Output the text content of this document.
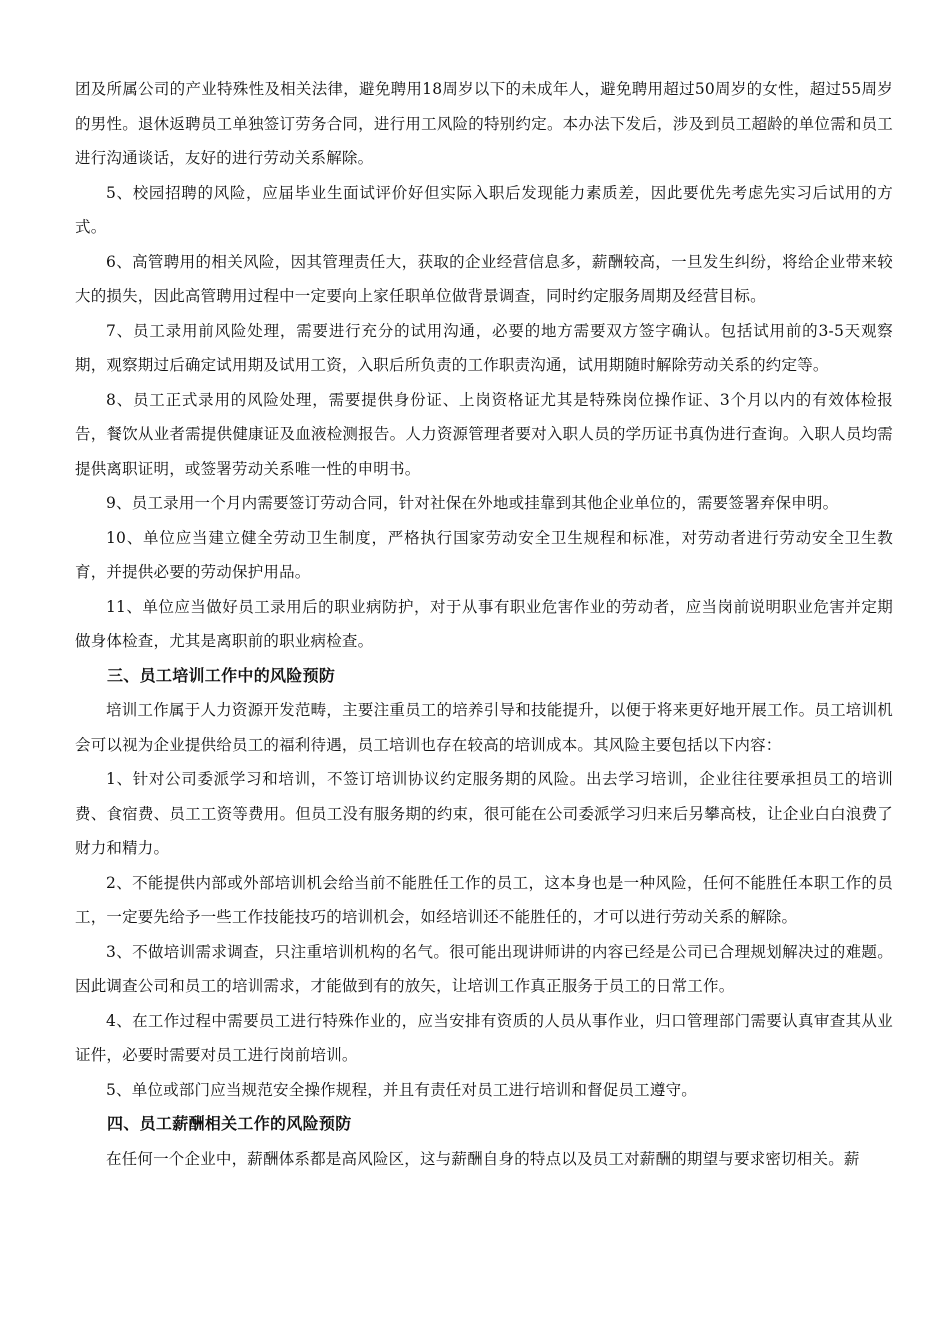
团及所属公司的产业特殊性及相关法律，避免聘用18周岁以下的未成年人，避免聘用超过50周岁的女性，超过55周岁的男性。退休返聘员工单独签订劳务合同，进行用工风险的特别约定。本办法下发后，涉及到员工超龄的单位需和员工进行沟通谈话，友好的进行劳动关系解除。

5、校园招聘的风险，应届毕业生面试评价好但实际入职后发现能力素质差，因此要优先考虑先实习后试用的方式。

6、高管聘用的相关风险，因其管理责任大，获取的企业经营信息多，薪酬较高，一旦发生纠纷，将给企业带来较大的损失，因此高管聘用过程中一定要向上家任职单位做背景调查，同时约定服务周期及经营目标。

7、员工录用前风险处理，需要进行充分的试用沟通，必要的地方需要双方签字确认。包括试用前的3-5天观察期，观察期过后确定试用期及试用工资，入职后所负责的工作职责沟通，试用期随时解除劳动关系的约定等。

8、员工正式录用的风险处理，需要提供身份证、上岗资格证尤其是特殊岗位操作证、3个月以内的有效体检报告，餐饮从业者需提供健康证及血液检测报告。人力资源管理者要对入职人员的学历证书真伪进行查询。入职人员均需提供离职证明，或签署劳动关系唯一性的申明书。

9、员工录用一个月内需要签订劳动合同，针对社保在外地或挂靠到其他企业单位的，需要签署弃保申明。

10、单位应当建立健全劳动卫生制度，严格执行国家劳动安全卫生规程和标准，对劳动者进行劳动安全卫生教育，并提供必要的劳动保护用品。

11、单位应当做好员工录用后的职业病防护，对于从事有职业危害作业的劳动者，应当岗前说明职业危害并定期做身体检查，尤其是离职前的职业病检查。

三、员工培训工作中的风险预防

培训工作属于人力资源开发范畴，主要注重员工的培养引导和技能提升，以便于将来更好地开展工作。员工培训机会可以视为企业提供给员工的福利待遇，员工培训也存在较高的培训成本。其风险主要包括以下内容：

1、针对公司委派学习和培训，不签订培训协议约定服务期的风险。出去学习培训，企业往往要承担员工的培训费、食宿费、员工工资等费用。但员工没有服务期的约束，很可能在公司委派学习归来后另攀高枝，让企业白白浪费了财力和精力。

2、不能提供内部或外部培训机会给当前不能胜任工作的员工，这本身也是一种风险，任何不能胜任本职工作的员工，一定要先给予一些工作技能技巧的培训机会，如经培训还不能胜任的，才可以进行劳动关系的解除。

3、不做培训需求调查，只注重培训机构的名气。很可能出现讲师讲的内容已经是公司已合理规划解决过的难题。因此调查公司和员工的培训需求，才能做到有的放矢，让培训工作真正服务于员工的日常工作。

4、在工作过程中需要员工进行特殊作业的，应当安排有资质的人员从事作业，归口管理部门需要认真审查其从业证件，必要时需要对员工进行岗前培训。

5、单位或部门应当规范安全操作规程，并且有责任对员工进行培训和督促员工遵守。

四、员工薪酬相关工作的风险预防

在任何一个企业中，薪酬体系都是高风险区，这与薪酬自身的特点以及员工对薪酬的期望与要求密切相关。薪
